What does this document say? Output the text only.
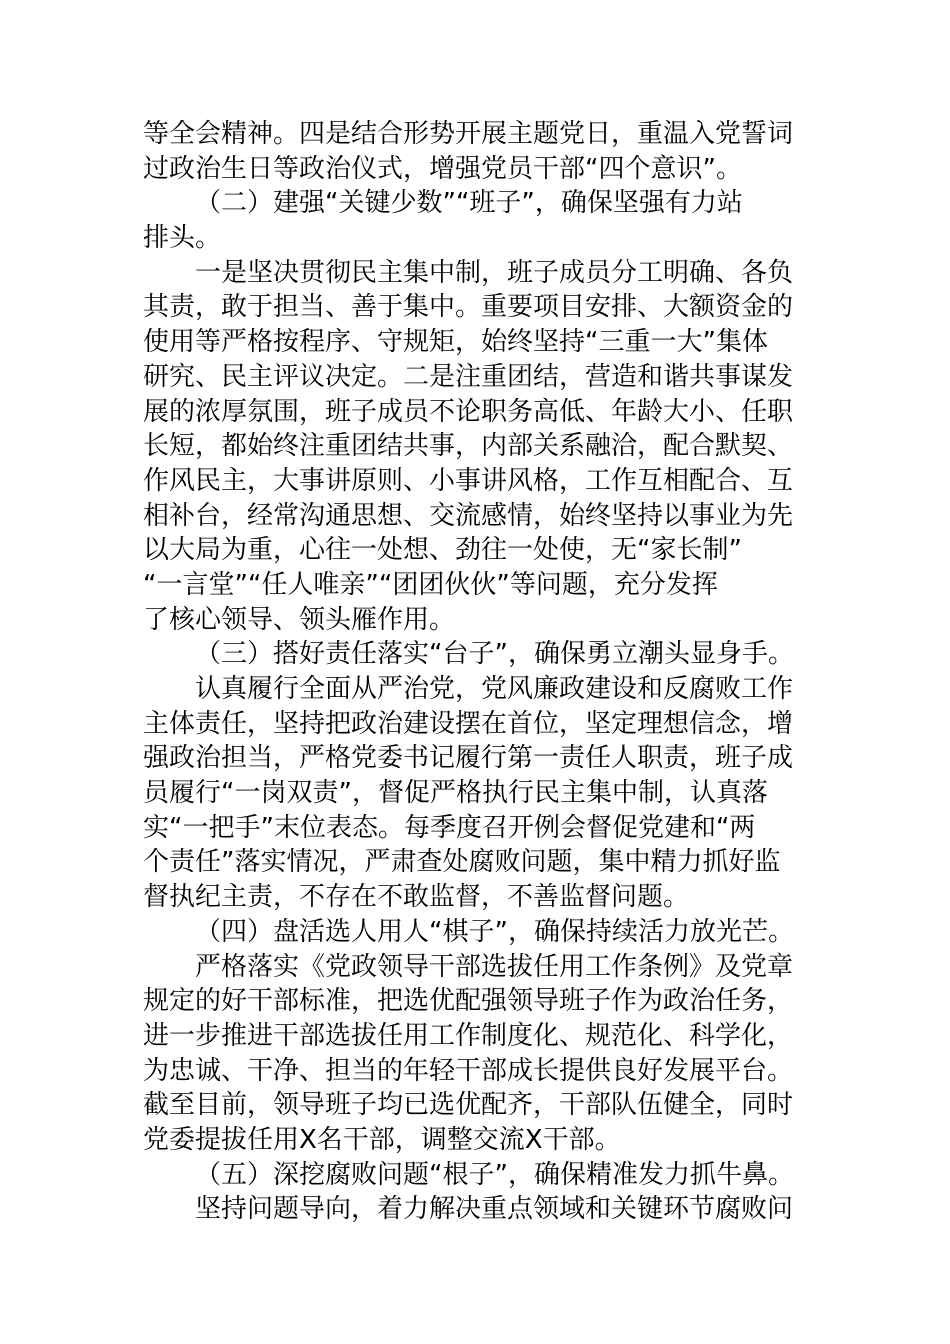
等全会精神。四是结合形势开展主题党日，重温入党誓词
过政治生日等政治仪式，增强党员干部“四个意识”。
（二）建强“关键少数”“班子”，确保坚强有力站
排头。
一是坚决贯彻民主集中制，班子成员分工明确、各负
其责，敢于担当、善于集中。重要项目安排、大额资金的
使用等严格按程序、守规矩，始终坚持“三重一大”集体
研究、民主评议决定。二是注重团结，营造和谐共事谋发
展的浓厚氛围，班子成员不论职务高低、年龄大小、任职
长短，都始终注重团结共事，内部关系融洽，配合默契、
作风民主，大事讲原则、小事讲风格，工作互相配合、互
相补台，经常沟通思想、交流感情，始终坚持以事业为先
以大局为重，心往一处想、劲往一处使，无“家长制”
“一言堂”“任人唯亲”“团团伙伙”等问题，充分发挥
了核心领导、领头雁作用。
（三）搭好责任落实“台子”，确保勇立潮头显身手。
认真履行全面从严治党，党风廉政建设和反腐败工作
主体责任，坚持把政治建设摆在首位，坚定理想信念，增
强政治担当，严格党委书记履行第一责任人职责，班子成
员履行“一岗双责”，督促严格执行民主集中制，认真落
实“一把手”末位表态。每季度召开例会督促党建和“两
个责任”落实情况，严肃查处腐败问题，集中精力抓好监
督执纪主责，不存在不敢监督，不善监督问题。
（四）盘活选人用人“棋子”，确保持续活力放光芒。
严格落实《党政领导干部选拔任用工作条例》及党章
规定的好干部标准，把选优配强领导班子作为政治任务，
进一步推进干部选拔任用工作制度化、规范化、科学化，
为忠诚、干净、担当的年轻干部成长提供良好发展平台。
截至目前，领导班子均已选优配齐，干部队伍健全，同时
党委提拔任用X名干部，调整交流X干部。
（五）深挖腐败问题“根子”，确保精准发力抓牛鼻。
坚持问题导向，着力解决重点领域和关键环节腐败问
